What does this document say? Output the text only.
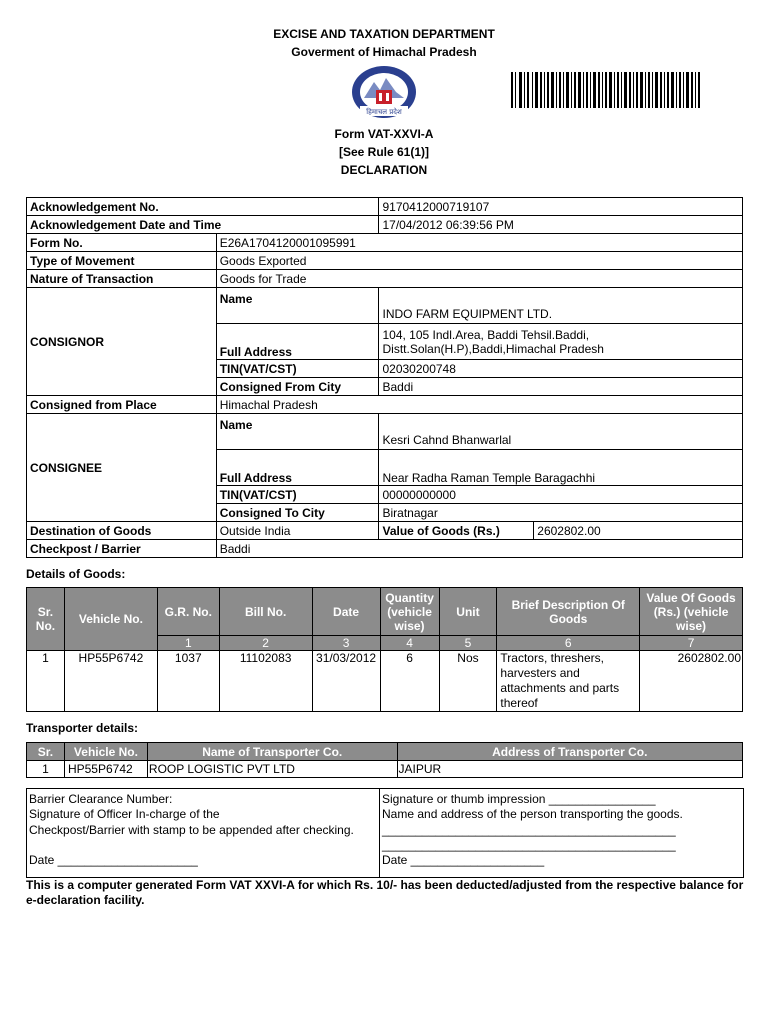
EXCISE AND TAXATION DEPARTMENT
Goverment of Himachal Pradesh
हिमाचल प्रदेश
Form VAT-XXVI-A
[See Rule 61(1)]
DECLARATION
Acknowledgement No.		9170412000719107	
Acknowledgement Date and Time		17/04/2012 06:39:56 PM	
Form No.	E26A1704120001095991		
Type of Movement	Goods Exported		
Nature of Transaction	Goods for Trade		
CONSIGNOR	Name	INDO FARM EQUIPMENT LTD.	
	Full Address	104, 105 Indl.Area, Baddi Tehsil.Baddi,
Distt.Solan(H.P),Baddi,Himachal Pradesh	

	TIN(VAT/CST)	02030200748	
	Consigned From City	Baddi	
Consigned from Place	Himachal Pradesh		
CONSIGNEE	Name	Kesri Cahnd Bhanwarlal	
	Full Address	Near Radha Raman Temple Baragachhi	
	TIN(VAT/CST)	00000000000	
	Consigned To City	Biratnagar	
Destination of Goods	Outside India	Value of Goods (Rs.)	2602802.00
Checkpost / Barrier	Baddi		
Details of Goods:
Sr. No.	Vehicle No.	G.R. No.	Bill No.	Date	Quantity (vehicle wise)	Unit	Brief Description Of Goods	Value Of Goods (Rs.) (vehicle wise)
		1	2	3	4	5	6	7
1	HP55P6742	1037	11102083	31/03/2012	6	Nos	Tractors, threshers, harvesters and attachments and parts thereof	2602802.00
Transporter details:
Sr.	Vehicle No.	Name of Transporter Co.	Address of Transporter Co.
1	HP55P6742	ROOP LOGISTIC PVT LTD	JAIPUR
Barrier Clearance Number:
Signature of Officer In-charge of the
Checkpost/Barrier with stamp to be appended after checking.
Date _____________________
Signature or thumb impression ________________
Name and address of the person transporting the goods.
____________________________________________
____________________________________________
Date ____________________
This is a computer generated Form VAT XXVI-A for which Rs. 10/- has been deducted/adjusted from the respective balance for e-declaration facility.
